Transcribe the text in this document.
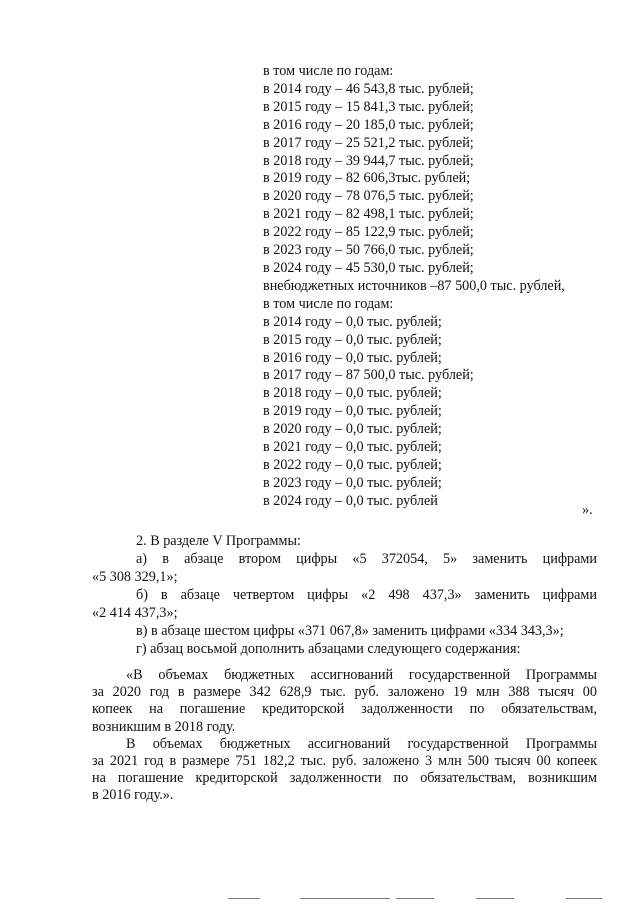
в том числе по годам:
в 2014 году – 46 543,8 тыс. рублей;
в 2015 году – 15 841,3 тыс. рублей;
в 2016 году – 20 185,0 тыс. рублей;
в 2017 году – 25 521,2 тыс. рублей;
в 2018 году – 39 944,7 тыс. рублей;
в 2019 году – 82 606,3тыс. рублей;
в 2020 году – 78 076,5 тыс. рублей;
в 2021 году – 82 498,1 тыс. рублей;
в 2022 году – 85 122,9 тыс. рублей;
в 2023 году – 50 766,0 тыс. рублей;
в 2024 году – 45 530,0 тыс. рублей;
внебюджетных источников –87 500,0 тыс. рублей,
в том числе по годам:
в 2014 году – 0,0 тыс. рублей;
в 2015 году – 0,0 тыс. рублей;
в 2016 году – 0,0 тыс. рублей;
в 2017 году – 87 500,0 тыс. рублей;
в 2018 году – 0,0 тыс. рублей;
в 2019 году – 0,0 тыс. рублей;
в 2020 году – 0,0 тыс. рублей;
в 2021 году – 0,0 тыс. рублей;
в 2022 году – 0,0 тыс. рублей;
в 2023 году – 0,0 тыс. рублей;
в 2024 году – 0,0 тыс. рублей
».

2. В разделе V Программы:

а) в абзаце втором цифры «5 372054, 5» заменить цифрами

«5 308 329,1»;

б) в абзаце четвертом цифры «2 498 437,3» заменить цифрами

«2 414 437,3»;

в) в абзаце шестом цифры «371 067,8» заменить цифрами «334 343,3»;

г) абзац восьмой дополнить абзацами следующего содержания:

«В объемах бюджетных ассигнований государственной Программы

за 2020 год в размере 342 628,9 тыс. руб. заложено 19 млн 388 тысяч 00

копеек на погашение кредиторской задолженности по обязательствам,

возникшим в 2018 году.

В объемах бюджетных ассигнований государственной Программы

за 2021 год в размере 751 182,2 тыс. руб. заложено 3 млн 500 тысяч 00 копеек

на погашение кредиторской задолженности по обязательствам, возникшим

в 2016 году.».
